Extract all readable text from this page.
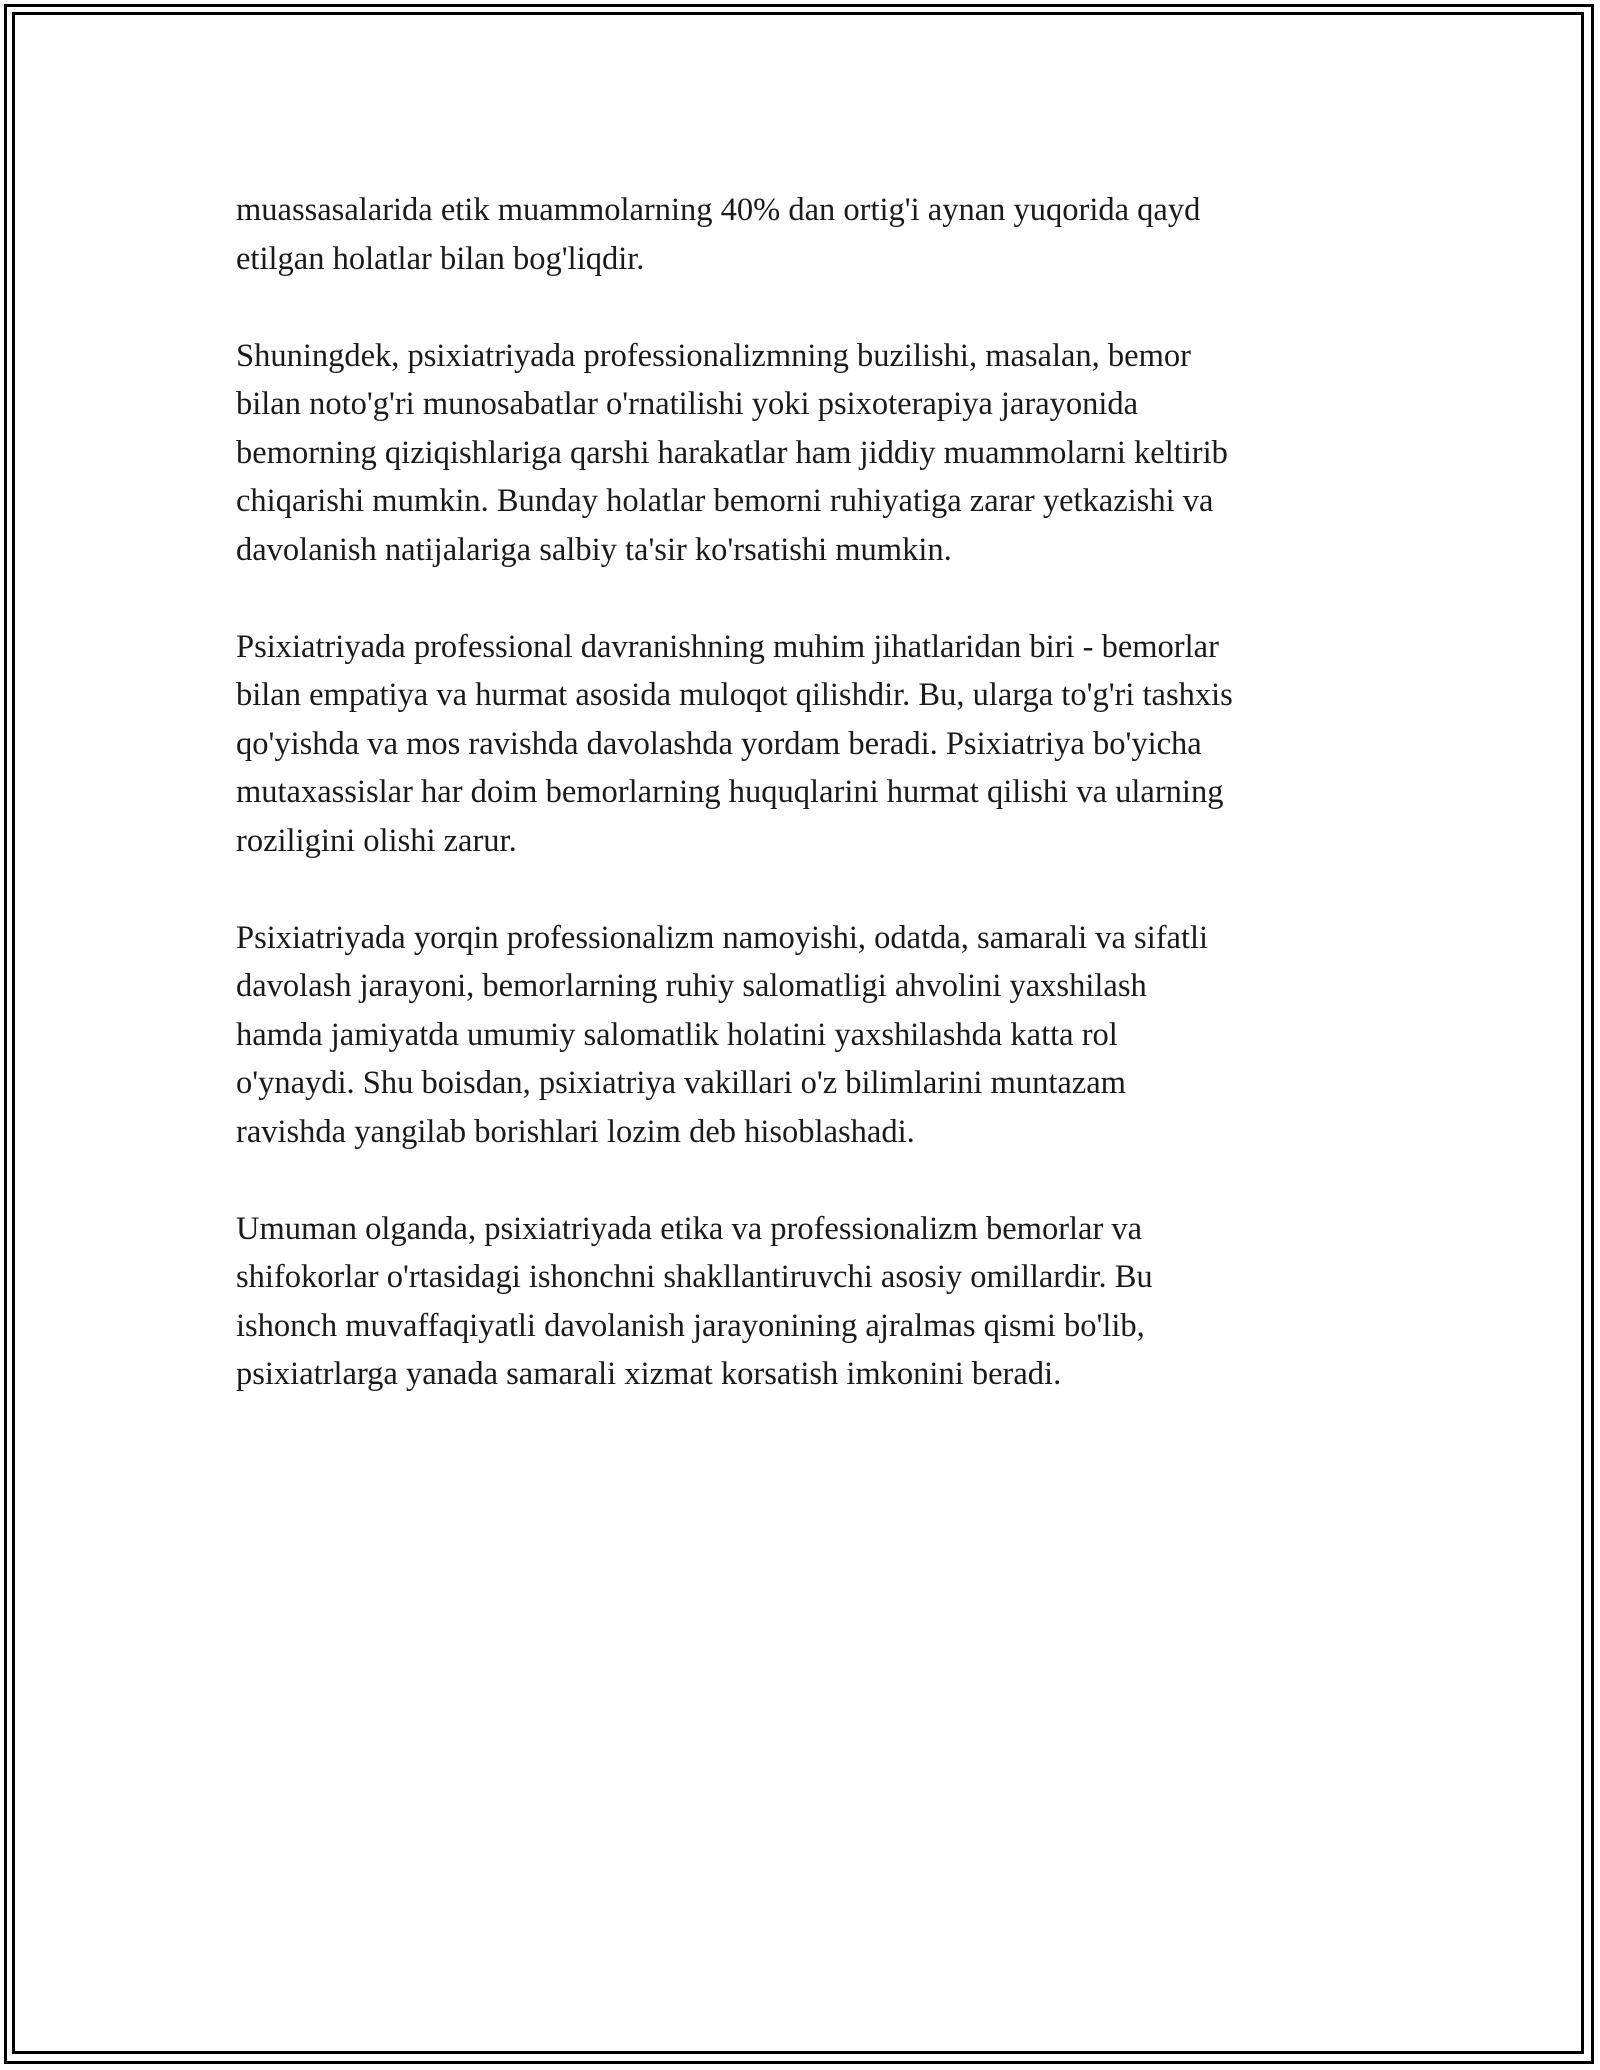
muassasalarida etik muammolarning 40% dan ortig'i aynan yuqorida qayd
etilgan holatlar bilan bog'liqdir.

Shuningdek, psixiatriyada professionalizmning buzilishi, masalan, bemor
bilan noto'g'ri munosabatlar o'rnatilishi yoki psixoterapiya jarayonida
bemorning qiziqishlariga qarshi harakatlar ham jiddiy muammolarni keltirib
chiqarishi mumkin. Bunday holatlar bemorni ruhiyatiga zarar yetkazishi va
davolanish natijalariga salbiy ta'sir ko'rsatishi mumkin.

Psixiatriyada professional davranishning muhim jihatlaridan biri - bemorlar
bilan empatiya va hurmat asosida muloqot qilishdir. Bu, ularga to'g'ri tashxis
qo'yishda va mos ravishda davolashda yordam beradi. Psixiatriya bo'yicha
mutaxassislar har doim bemorlarning huquqlarini hurmat qilishi va ularning
roziligini olishi zarur.

Psixiatriyada yorqin professionalizm namoyishi, odatda, samarali va sifatli
davolash jarayoni, bemorlarning ruhiy salomatligi ahvolini yaxshilash
hamda jamiyatda umumiy salomatlik holatini yaxshilashda katta rol
o'ynaydi. Shu boisdan, psixiatriya vakillari o'z bilimlarini muntazam
ravishda yangilab borishlari lozim deb hisoblashadi.

Umuman olganda, psixiatriyada etika va professionalizm bemorlar va
shifokorlar o'rtasidagi ishonchni shakllantiruvchi asosiy omillardir. Bu
ishonch muvaffaqiyatli davolanish jarayonining ajralmas qismi bo'lib,
psixiatrlarga yanada samarali xizmat korsatish imkonini beradi.
